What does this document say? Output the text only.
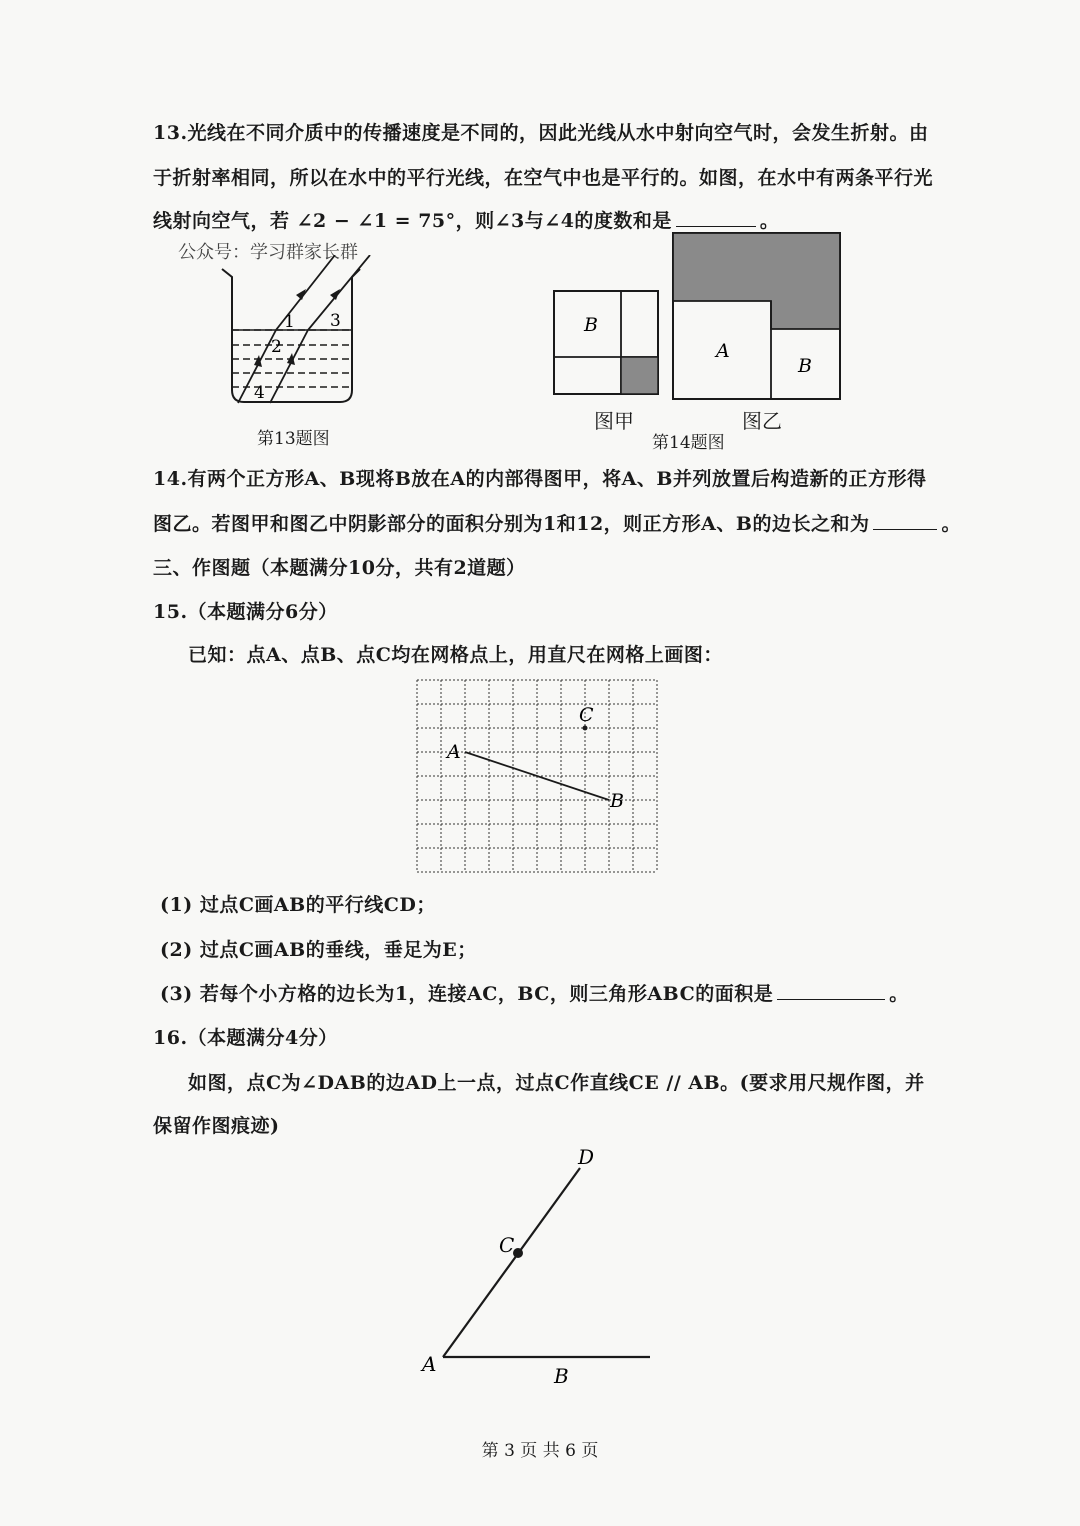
13.光线在不同介质中的传播速度是不同的，因此光线从水中射向空气时，会发生折射。由
于折射率相同，所以在水中的平行光线，在空气中也是平行的。如图，在水中有两条平行光
线射向空气，若 ∠2 − ∠1 = 75°，则∠3与∠4的度数和是	。
公众号：学习群家长群
1
2
3
4
第13题图
B
图甲
A
B
图乙
第14题图
14.有两个正方形A、B现将B放在A的内部得图甲，将A、B并列放置后构造新的正方形得
图乙。若图甲和图乙中阴影部分的面积分别为1和12，则正方形A、B的边长之和为	。
三、作图题（本题满分10分，共有2道题）
15.（本题满分6分）
已知：点A、点B、点C均在网格点上，用直尺在网格上画图：
A
B
C
(1) 过点C画AB的平行线CD；
(2) 过点C画AB的垂线，垂足为E；
(3) 若每个小方格的边长为1，连接AC，BC，则三角形ABC的面积是	。
16.（本题满分4分）
如图，点C为∠DAB的边AD上一点，过点C作直线CE // AB。(要求用尺规作图，并
保留作图痕迹)
D
C
A	B
第 3 页 共 6 页
